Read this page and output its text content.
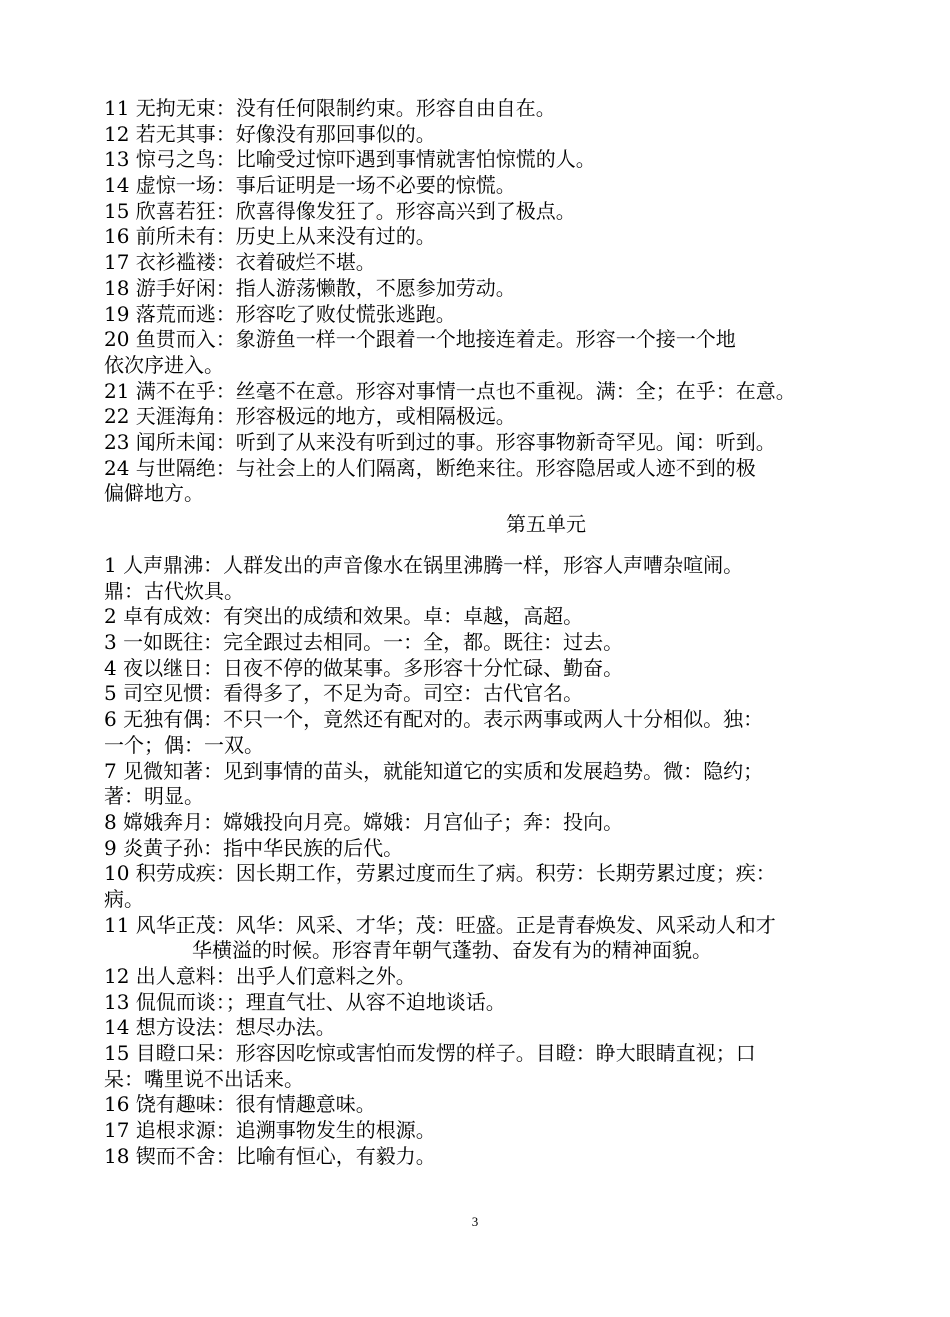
11 无拘无束：没有任何限制约束。形容自由自在。
12 若无其事：好像没有那回事似的。
13 惊弓之鸟：比喻受过惊吓遇到事情就害怕惊慌的人。
14 虚惊一场：事后证明是一场不必要的惊慌。
15 欣喜若狂：欣喜得像发狂了。形容高兴到了极点。
16 前所未有：历史上从来没有过的。
17 衣衫褴褛：衣着破烂不堪。
18 游手好闲：指人游荡懒散，不愿参加劳动。
19 落荒而逃：形容吃了败仗慌张逃跑。
20 鱼贯而入：象游鱼一样一个跟着一个地接连着走。形容一个接一个地
依次序进入。
21 满不在乎：丝毫不在意。形容对事情一点也不重视。满：全；在乎：在意。
22 天涯海角：形容极远的地方，或相隔极远。
23 闻所未闻：听到了从来没有听到过的事。形容事物新奇罕见。闻：听到。
24 与世隔绝：与社会上的人们隔离，断绝来往。形容隐居或人迹不到的极
偏僻地方。
第五单元
1 人声鼎沸：人群发出的声音像水在锅里沸腾一样，形容人声嘈杂喧闹。
鼎：古代炊具。
2 卓有成效：有突出的成绩和效果。卓：卓越，高超。
3 一如既往：完全跟过去相同。一：全，都。既往：过去。
4 夜以继日：日夜不停的做某事。多形容十分忙碌、勤奋。
5 司空见惯：看得多了，不足为奇。司空：古代官名。
6 无独有偶：不只一个，竟然还有配对的。表示两事或两人十分相似。独：
一个；偶：一双。
7 见微知著：见到事情的苗头，就能知道它的实质和发展趋势。微：隐约；
著：明显。
8 嫦娥奔月：嫦娥投向月亮。嫦娥：月宫仙子；奔：投向。
9 炎黄子孙：指中华民族的后代。
10 积劳成疾：因长期工作，劳累过度而生了病。积劳：长期劳累过度；疾：
病。
11 风华正茂：风华：风采、才华；茂：旺盛。正是青春焕发、风采动人和才
华横溢的时候。形容青年朝气蓬勃、奋发有为的精神面貌。
12 出人意料：出乎人们意料之外。
13 侃侃而谈：；理直气壮、从容不迫地谈话。
14 想方设法：想尽办法。
15 目瞪口呆：形容因吃惊或害怕而发愣的样子。目瞪：睁大眼睛直视；口
呆：嘴里说不出话来。
16 饶有趣味：很有情趣意味。
17 追根求源：追溯事物发生的根源。
18 锲而不舍：比喻有恒心，有毅力。
3
